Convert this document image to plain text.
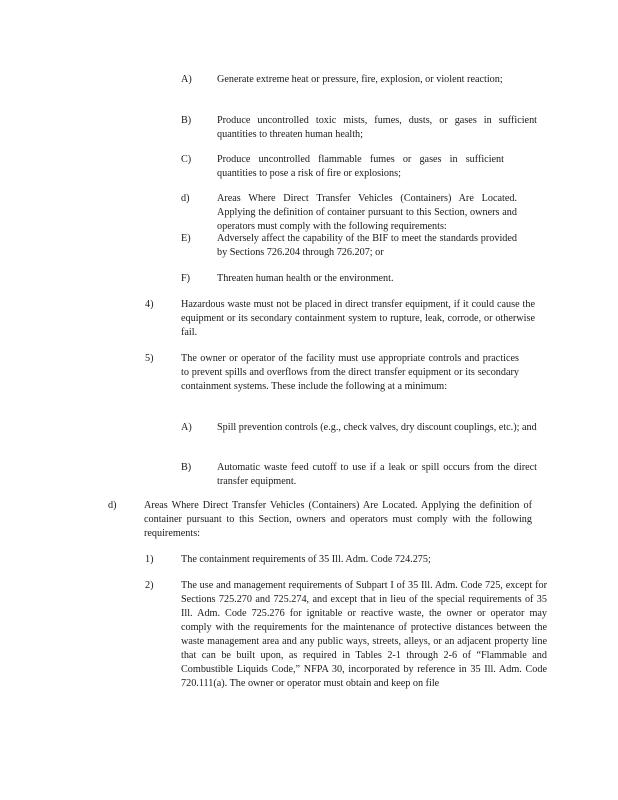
A) Generate extreme heat or pressure, fire, explosion, or violent reaction;
B)	Produce uncontrolled toxic mists, fumes, dusts, or gases in sufficient quantities to threaten human health;
C)	Produce uncontrolled flammable fumes or gases in sufficient quantities to pose a risk of fire or explosions;
d)	Areas Where Direct Transfer Vehicles (Containers) Are Located. Applying the definition of container pursuant to this Section, owners and operators must comply with the following requirements:
E)	Adversely affect the capability of the BIF to meet the standards provided by Sections 726.204 through 726.207; or
F)	Threaten human health or the environment.
4)	Hazardous waste must not be placed in direct transfer equipment, if it could cause the equipment or its secondary containment system to rupture, leak, corrode, or otherwise fail.
5)	The owner or operator of the facility must use appropriate controls and practices to prevent spills and overflows from the direct transfer equipment or its secondary containment systems. These include the following at a minimum:
A) Spill prevention controls (e.g., check valves, dry discount couplings, etc.); and
B)	Automatic waste feed cutoff to use if a leak or spill occurs from the direct transfer equipment.
d)	Areas Where Direct Transfer Vehicles (Containers) Are Located. Applying the definition of container pursuant to this Section, owners and operators must comply with the following requirements:
1)	The containment requirements of 35 Ill. Adm. Code 724.275;
2)	The use and management requirements of Subpart I of 35 Ill. Adm. Code 725, except for Sections 725.270 and 725.274, and except that in lieu of the special requirements of 35 Ill. Adm. Code 725.276 for ignitable or reactive waste, the owner or operator may comply with the requirements for the maintenance of protective distances between the waste management area and any public ways, streets, alleys, or an adjacent property line that can be built upon, as required in Tables 2-1 through 2-6 of “Flammable and Combustible Liquids Code,” NFPA 30, incorporated by reference in 35 Ill. Adm. Code 720.111(a). The owner or operator must obtain and keep on file
